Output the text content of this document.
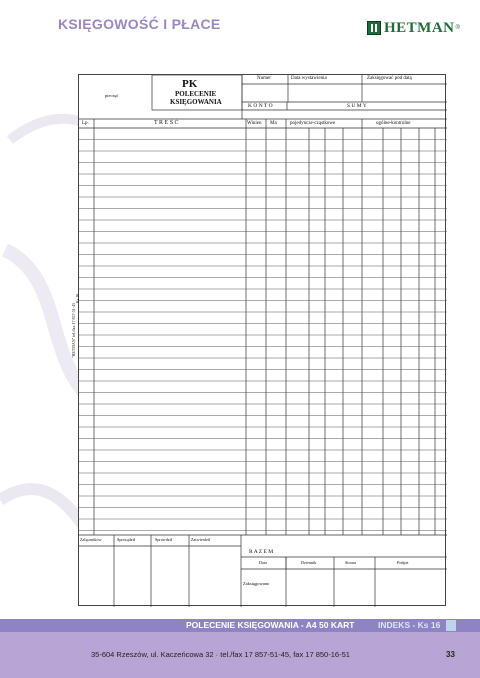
KSIĘGOWOŚĆ I PŁACE	HETMAN ®
pieczęć
PK
POLECENIE
KSIĘGOWANIA
Numer	Data wystawienia	Zaksięgować pod datą
K O N T O	S U M Y
Lp.	T R E Ś Ć	Winien Ma	pojedyncze-cząstkowe	ogólne-kontrolne
Załączników	Sporządził	Sprawdził	Zatwierdził
R A Z E M
Data	Dziennik	Strona	Podpis
Zaksięgowano
"HETMAN" tel./fax 17 857-51-45
Ks 16
POLECENIE KSIĘGOWANIA - A4 50 KART	INDEKS - Ks 16
35-604 Rzeszów, ul. Kaczeńcowa 32 · tel./fax 17 857-51-45, fax 17 850-16-51	33
